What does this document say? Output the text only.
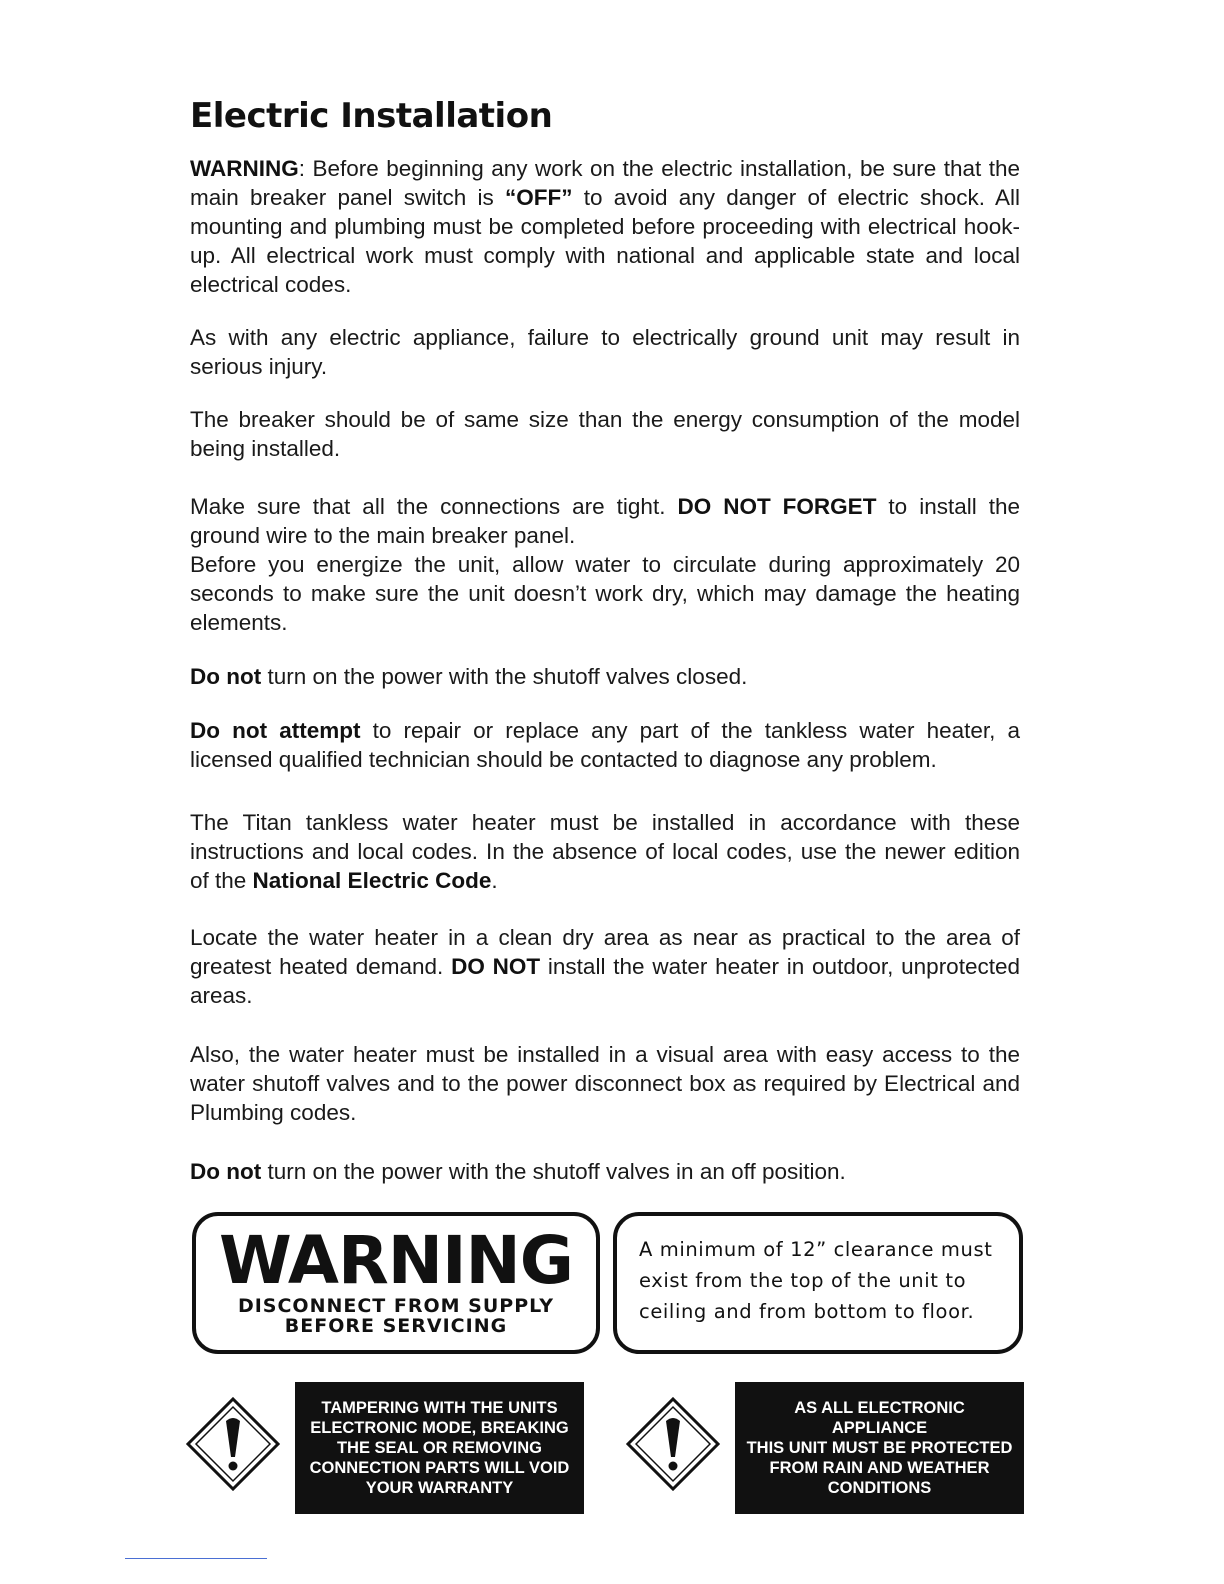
Electric Installation
WARNING: Before beginning any work on the electric installation, be sure that the main breaker panel switch is “OFF” to avoid any danger of electric shock. All mounting and plumbing must be completed before proceeding with electrical hook-up. All electrical work must comply with national and applicable state and local electrical codes.
As with any electric appliance, failure to electrically ground unit may result in serious injury.
The breaker should be of same size than the energy consumption of the model being installed.
Make sure that all the connections are tight. DO NOT FORGET to install the ground wire to the main breaker panel.
Before you energize the unit, allow water to circulate during approximately 20 seconds to make sure the unit doesn’t work dry, which may damage the heating elements.
Do not turn on the power with the shutoff valves closed.
Do not attempt to repair or replace any part of the tankless water heater, a licensed qualified technician should be contacted to diagnose any problem.
The Titan tankless water heater must be installed in accordance with these instructions and local codes. In the absence of local codes, use the newer edition of the National Electric Code.
Locate the water heater in a clean dry area as near as practical to the area of greatest heated demand. DO NOT install the water heater in outdoor, unprotected areas.
Also, the water heater must be installed in a visual area with easy access to the water shutoff valves and to the power disconnect box as required by Electrical and Plumbing codes.
Do not turn on the power with the shutoff valves in an off position.
WARNING
DISCONNECT FROM SUPPLY
BEFORE SERVICING
A minimum of 12” clearance must
exist from the top of the unit to
ceiling and from bottom to floor.
TAMPERING WITH THE UNITS
ELECTRONIC MODE, BREAKING
THE SEAL OR REMOVING
CONNECTION PARTS WILL VOID
YOUR WARRANTY
AS ALL ELECTRONIC APPLIANCE
THIS UNIT MUST BE PROTECTED
FROM RAIN AND WEATHER
CONDITIONS
